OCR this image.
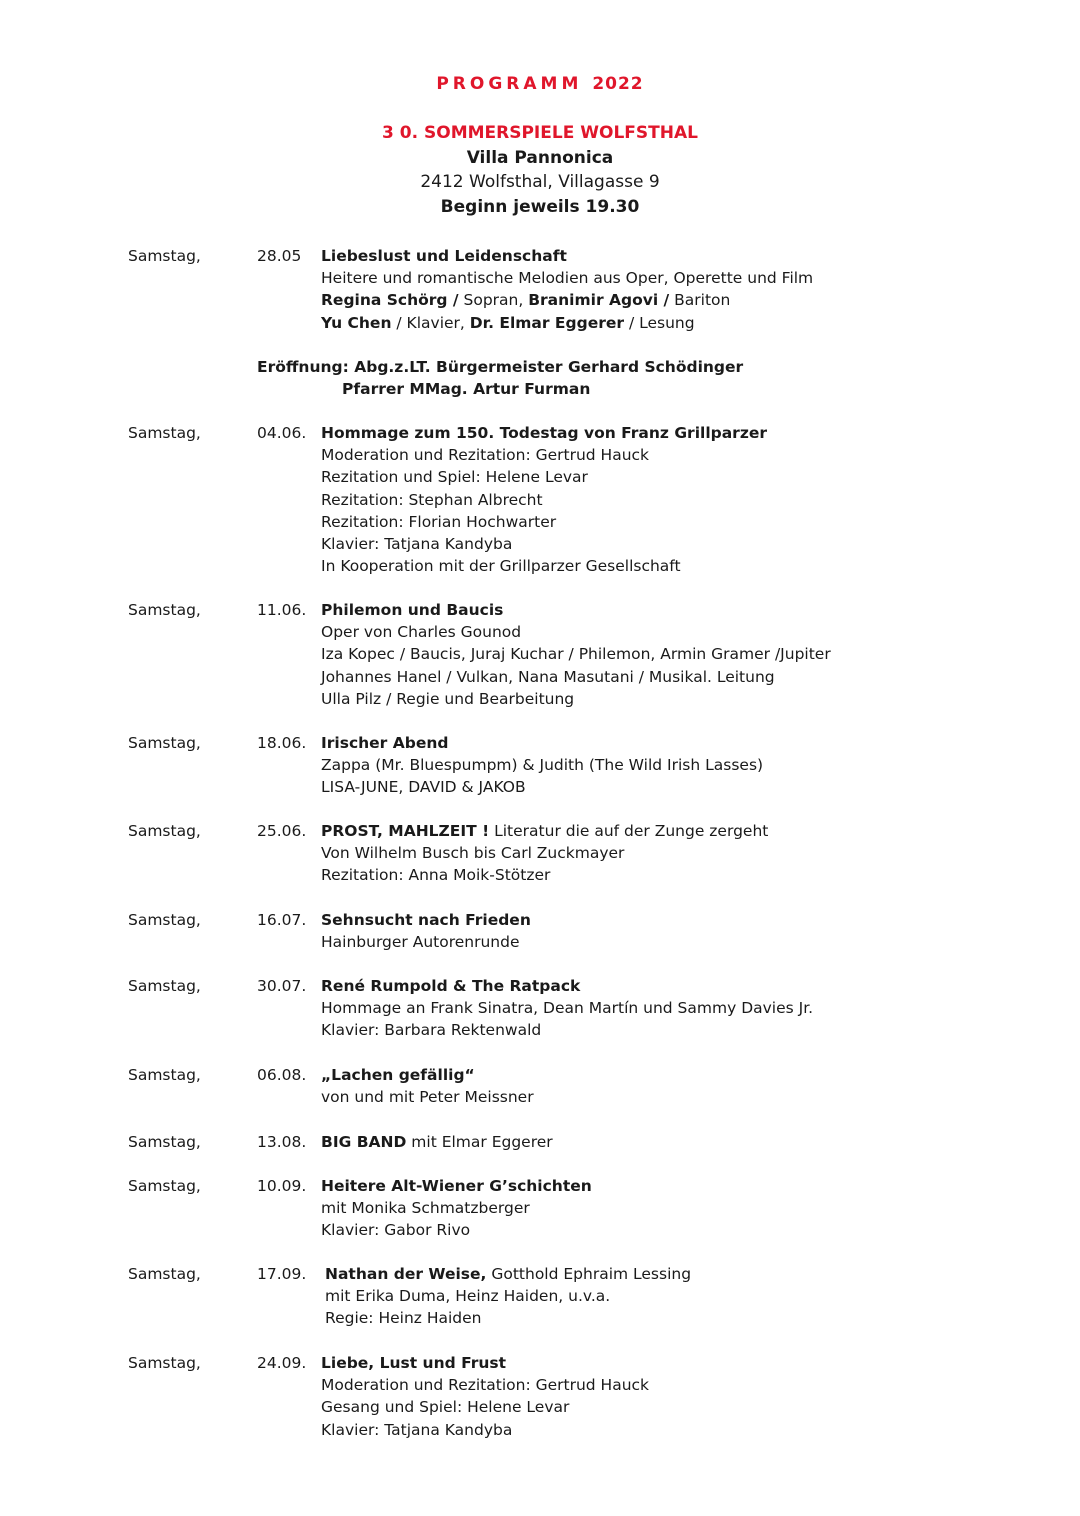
PROGRAMM 2022
3 0. SOMMERSPIELE WOLFSTHAL
Villa Pannonica
2412 Wolfsthal, Villagasse 9
Beginn jeweils 19.30
Samstag,	28.05 Liebeslust und Leidenschaft
Heitere und romantische Melodien aus Oper, Operette und Film
Regina Schörg / Sopran, Branimir Agovi / Bariton
Yu Chen / Klavier, Dr. Elmar Eggerer / Lesung
Eröffnung: Abg.z.LT. Bürgermeister Gerhard Schödinger
Pfarrer MMag. Artur Furman
Samstag,	04.06. Hommage zum 150. Todestag von Franz Grillparzer
Moderation und Rezitation: Gertrud Hauck
Rezitation und Spiel: Helene Levar
Rezitation: Stephan Albrecht
Rezitation: Florian Hochwarter
Klavier: Tatjana Kandyba
In Kooperation mit der Grillparzer Gesellschaft
Samstag,	11.06. Philemon und Baucis
Oper von Charles Gounod
Iza Kopec / Baucis, Juraj Kuchar / Philemon, Armin Gramer /Jupiter
Johannes Hanel / Vulkan, Nana Masutani / Musikal. Leitung
Ulla Pilz / Regie und Bearbeitung
Samstag,	18.06. Irischer Abend
Zappa (Mr. Bluespumpm) & Judith (The Wild Irish Lasses)
LISA-JUNE, DAVID & JAKOB
Samstag,	25.06. PROST, MAHLZEIT ! Literatur die auf der Zunge zergeht
Von Wilhelm Busch bis Carl Zuckmayer
Rezitation: Anna Moik-Stötzer
Samstag,	16.07. Sehnsucht nach Frieden
Hainburger Autorenrunde
Samstag,	30.07. René Rumpold & The Ratpack
Hommage an Frank Sinatra, Dean Martín und Sammy Davies Jr.
Klavier: Barbara Rektenwald
Samstag,	06.08. „Lachen gefällig“
von und mit Peter Meissner
Samstag,	13.08. BIG BAND mit Elmar Eggerer
Samstag,	10.09. Heitere Alt-Wiener G’schichten
mit Monika Schmatzberger
Klavier: Gabor Rivo
Samstag,	17.09. Nathan der Weise, Gotthold Ephraim Lessing
mit Erika Duma, Heinz Haiden, u.v.a.
Regie: Heinz Haiden
Samstag,	24.09. Liebe, Lust und Frust
Moderation und Rezitation: Gertrud Hauck
Gesang und Spiel: Helene Levar
Klavier: Tatjana Kandyba
